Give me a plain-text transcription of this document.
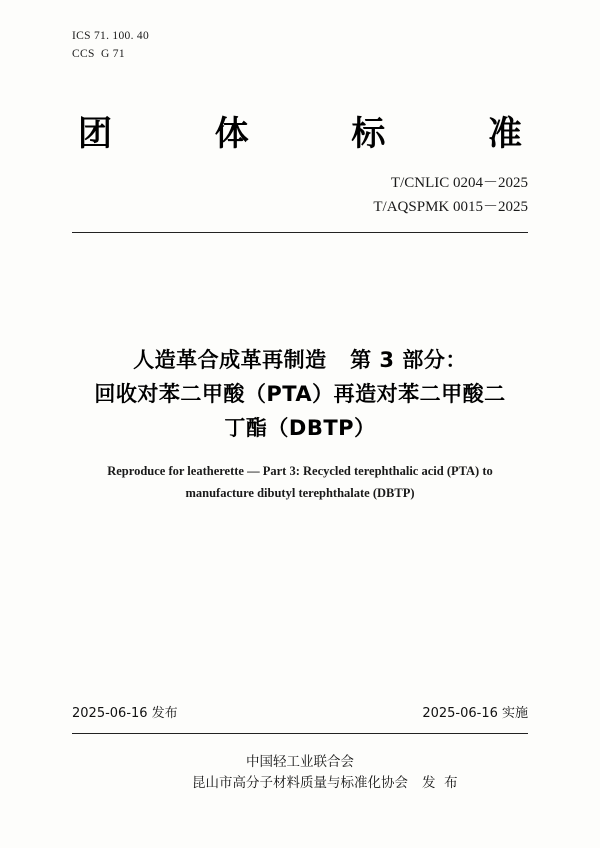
ICS 71. 100. 40
CCS  G 71
团	体	标	准
T/CNLIC 0204－2025
T/AQSPMK 0015－2025
人造革合成革再制造   第 3 部分：
回收对苯二甲酸（PTA）再造对苯二甲酸二
丁酯（DBTP）
Reproduce for leatherette — Part 3: Recycled terephthalic acid (PTA) to
manufacture dibutyl terephthalate (DBTP)
2025-06-16 发布	2025-06-16 实施
中国轻工业联合会
昆山市高分子材料质量与标准化协会 发  布
